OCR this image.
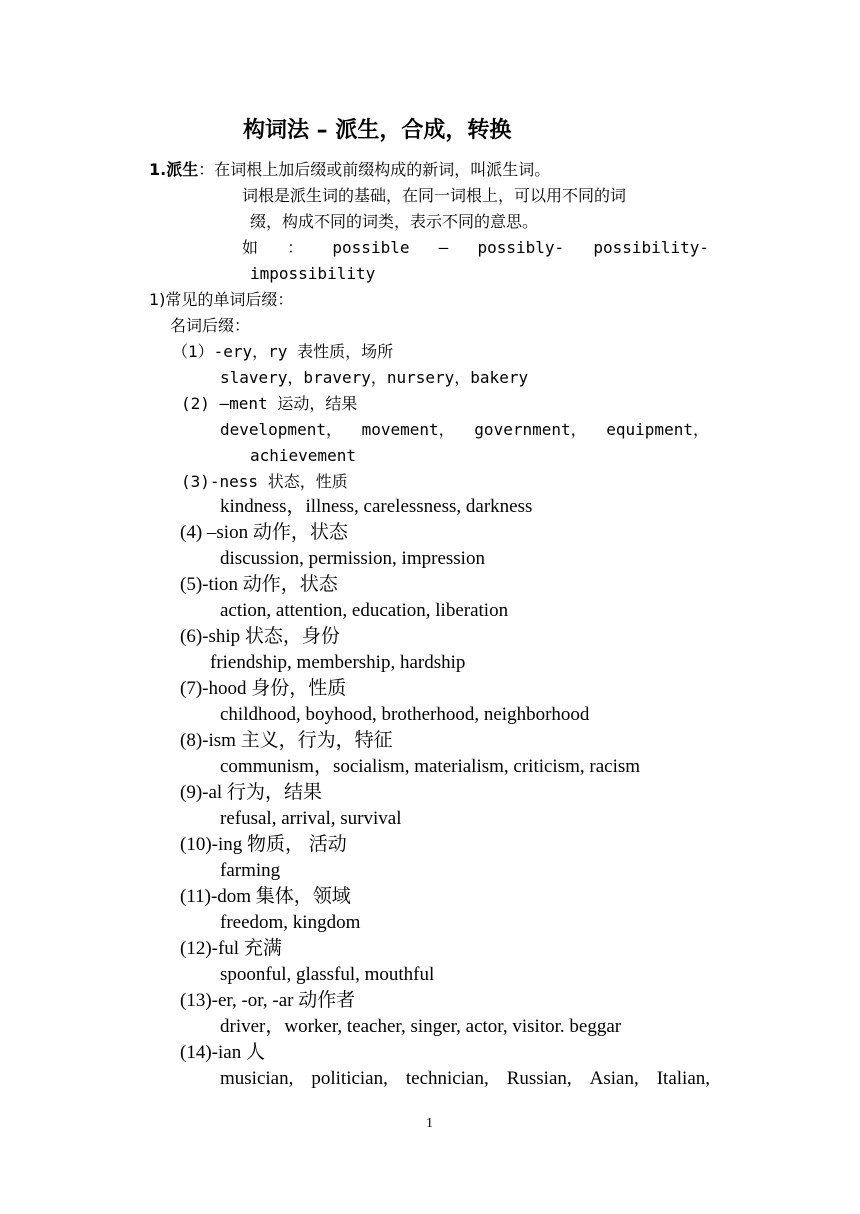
构词法 – 派生，合成，转换
1.派生：在词根上加后缀或前缀构成的新词，叫派生词。
词根是派生词的基础，在同一词根上，可以用不同的词
缀，构成不同的词类，表示不同的意思。
如 ： possible – possibly- possibility-
impossibility
1)常见的单词后缀：
名词后缀：
（1）-ery，ry 表性质，场所
slavery，bravery，nursery，bakery
(2) –ment 运动，结果
development， movement， government， equipment，
achievement
(3)-ness 状态，性质
kindness，illness, carelessness, darkness
(4) –sion 动作，状态
discussion, permission, impression
(5)-tion 动作，状态
action, attention, education, liberation
(6)-ship 状态，身份
friendship, membership, hardship
(7)-hood 身份，性质
childhood, boyhood, brotherhood, neighborhood
(8)-ism 主义，行为，特征
communism，socialism, materialism, criticism, racism
(9)-al 行为，结果
refusal, arrival, survival
(10)-ing 物质， 活动
farming
(11)-dom 集体，领域
freedom, kingdom
(12)-ful 充满
spoonful, glassful, mouthful
(13)-er, -or, -ar 动作者
driver，worker, teacher, singer, actor, visitor. beggar
(14)-ian 人
musician, politician, technician, Russian, Asian, Italian,
1
